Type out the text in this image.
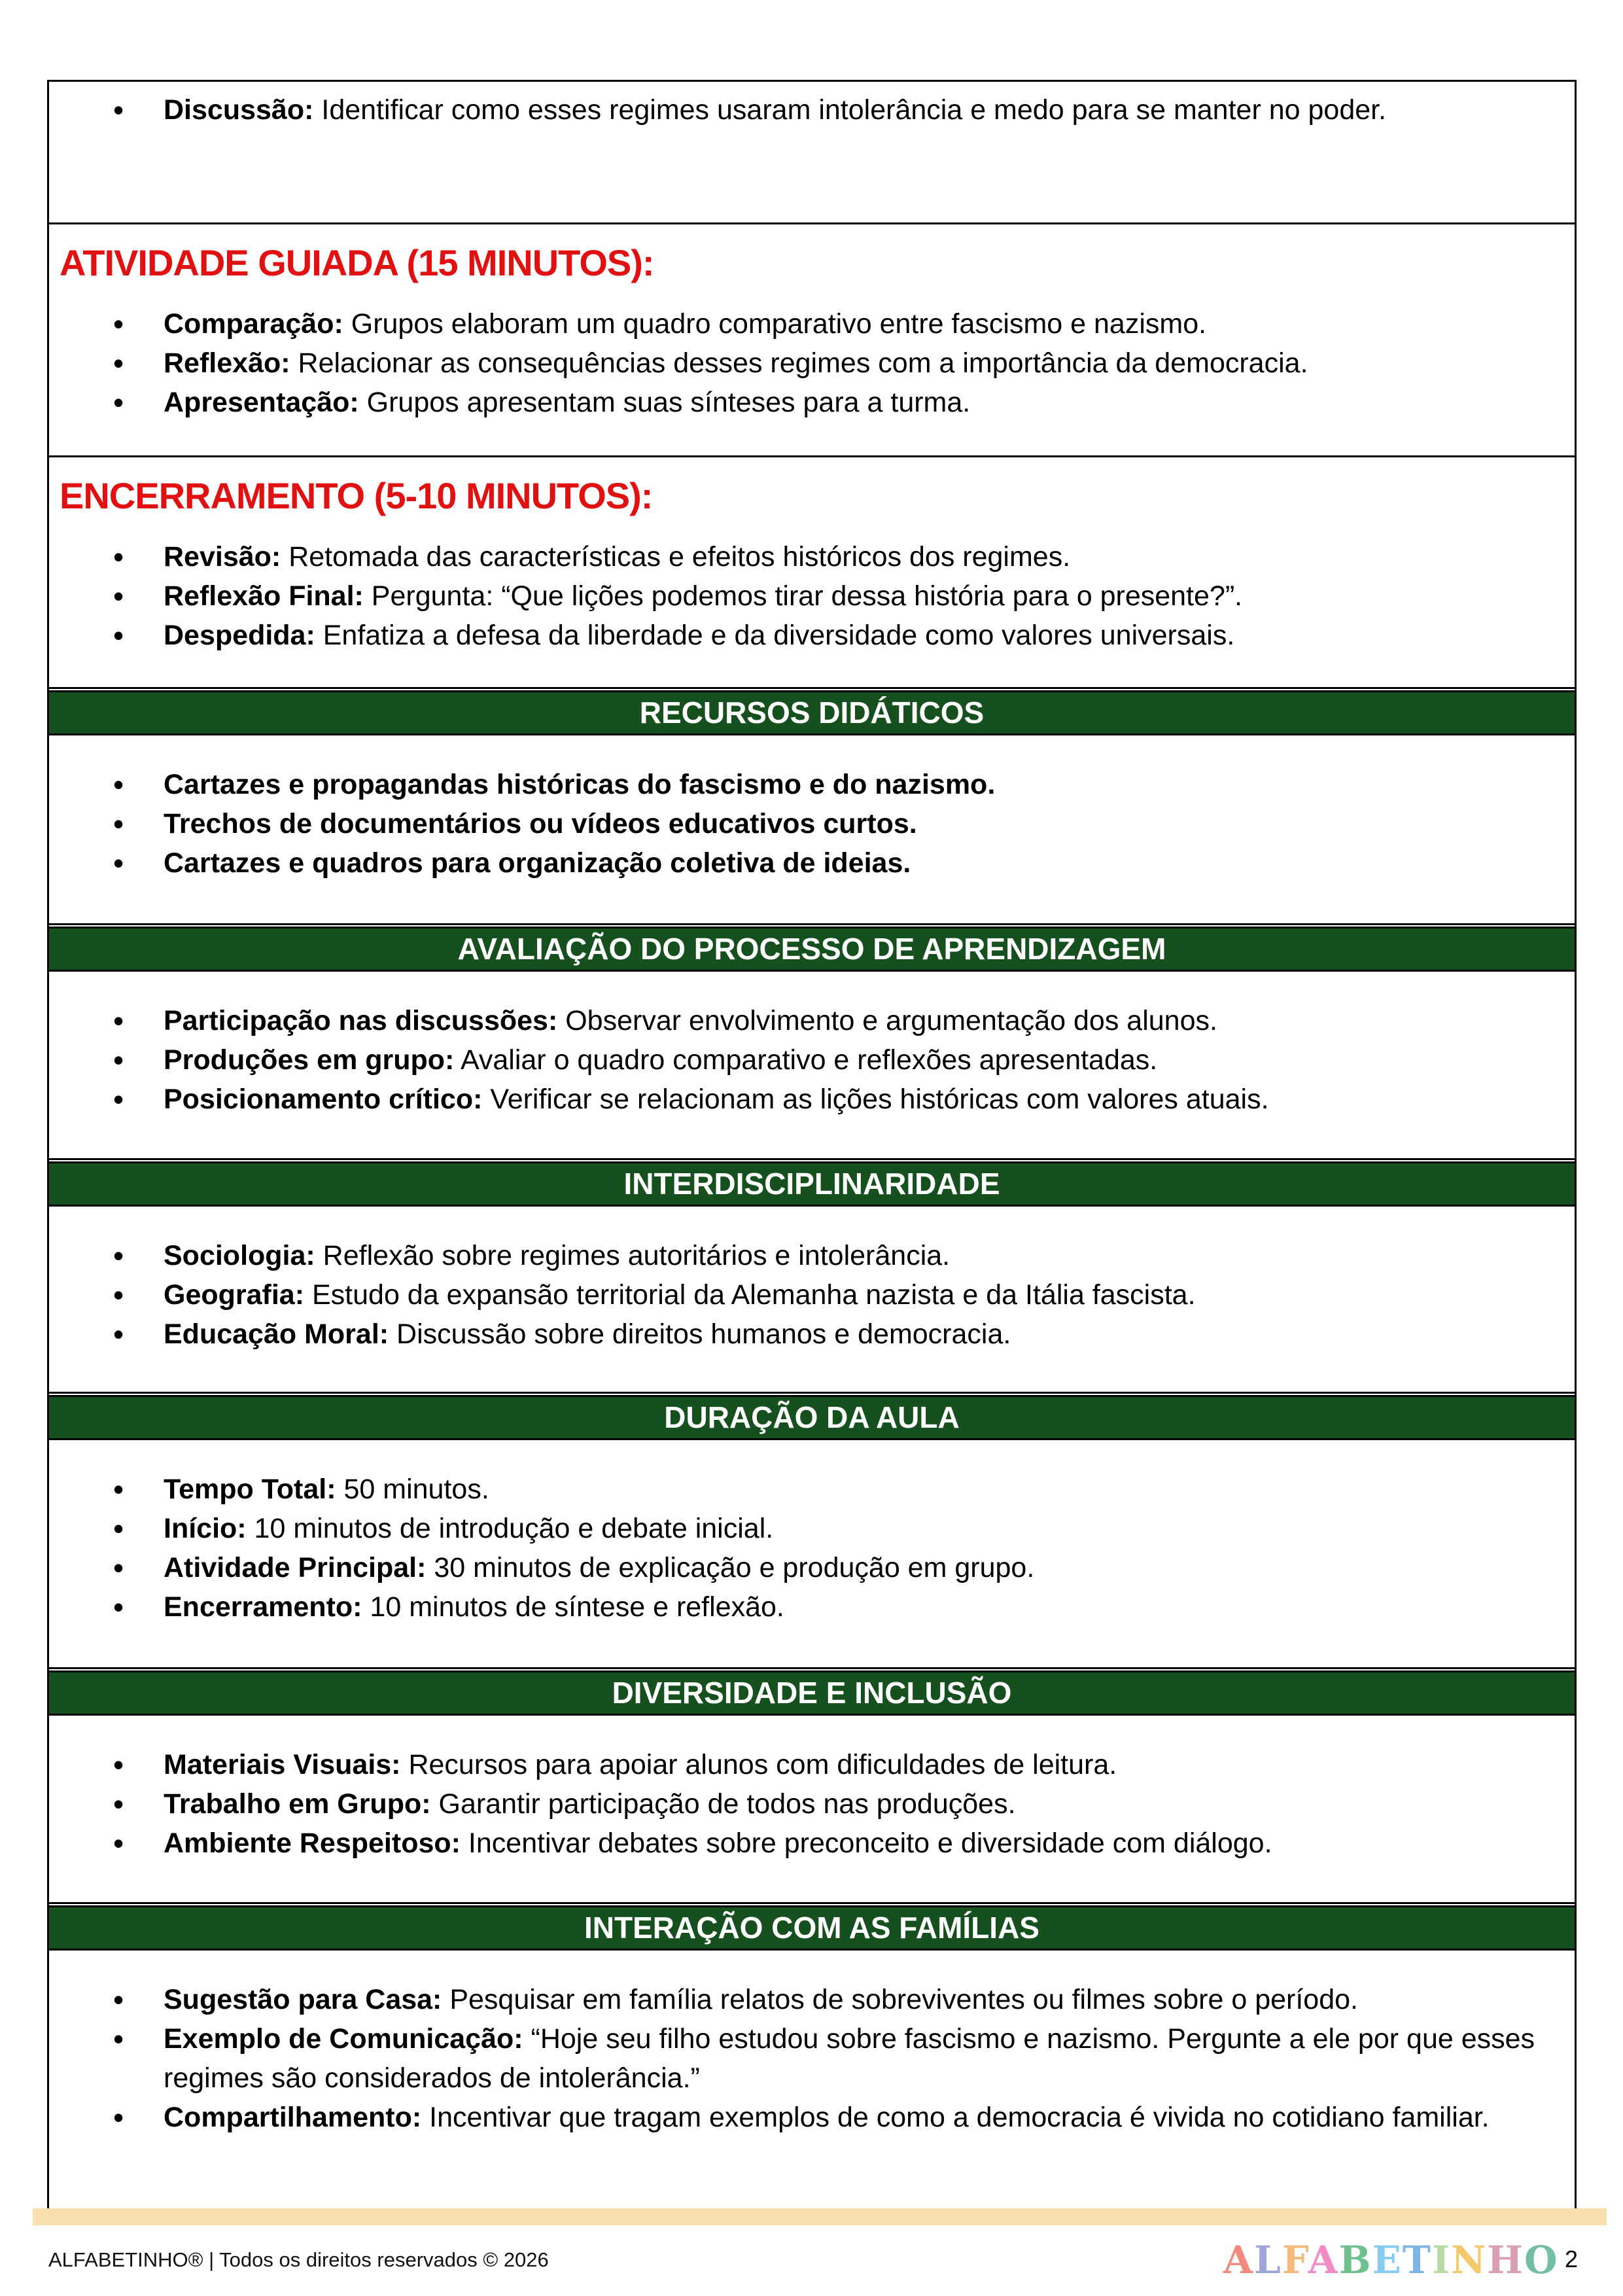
• Discussão: Identificar como esses regimes usaram intolerância e medo para se manter no poder.
ATIVIDADE GUIADA (15 MINUTOS):
• Comparação: Grupos elaboram um quadro comparativo entre fascismo e nazismo.
• Reflexão: Relacionar as consequências desses regimes com a importância da democracia.
• Apresentação: Grupos apresentam suas sínteses para a turma.
ENCERRAMENTO (5-10 MINUTOS):
• Revisão: Retomada das características e efeitos históricos dos regimes.
• Reflexão Final: Pergunta: “Que lições podemos tirar dessa história para o presente?”.
• Despedida: Enfatiza a defesa da liberdade e da diversidade como valores universais.
RECURSOS DIDÁTICOS
• Cartazes e propagandas históricas do fascismo e do nazismo.
• Trechos de documentários ou vídeos educativos curtos.
• Cartazes e quadros para organização coletiva de ideias.
AVALIAÇÃO DO PROCESSO DE APRENDIZAGEM
• Participação nas discussões: Observar envolvimento e argumentação dos alunos.
• Produções em grupo: Avaliar o quadro comparativo e reflexões apresentadas.
• Posicionamento crítico: Verificar se relacionam as lições históricas com valores atuais.
INTERDISCIPLINARIDADE
• Sociologia: Reflexão sobre regimes autoritários e intolerância.
• Geografia: Estudo da expansão territorial da Alemanha nazista e da Itália fascista.
• Educação Moral: Discussão sobre direitos humanos e democracia.
DURAÇÃO DA AULA
• Tempo Total: 50 minutos.
• Início: 10 minutos de introdução e debate inicial.
• Atividade Principal: 30 minutos de explicação e produção em grupo.
• Encerramento: 10 minutos de síntese e reflexão.
DIVERSIDADE E INCLUSÃO
• Materiais Visuais: Recursos para apoiar alunos com dificuldades de leitura.
• Trabalho em Grupo: Garantir participação de todos nas produções.
• Ambiente Respeitoso: Incentivar debates sobre preconceito e diversidade com diálogo.
INTERAÇÃO COM AS FAMÍLIAS
• Sugestão para Casa: Pesquisar em família relatos de sobreviventes ou filmes sobre o período.
• Exemplo de Comunicação: “Hoje seu filho estudou sobre fascismo e nazismo. Pergunte a ele por que esses regimes são considerados de intolerância.”
• Compartilhamento: Incentivar que tragam exemplos de como a democracia é vivida no cotidiano familiar.
ALFABETINHO® | Todos os direitos reservados © 2026	ALFABETINHO 2
